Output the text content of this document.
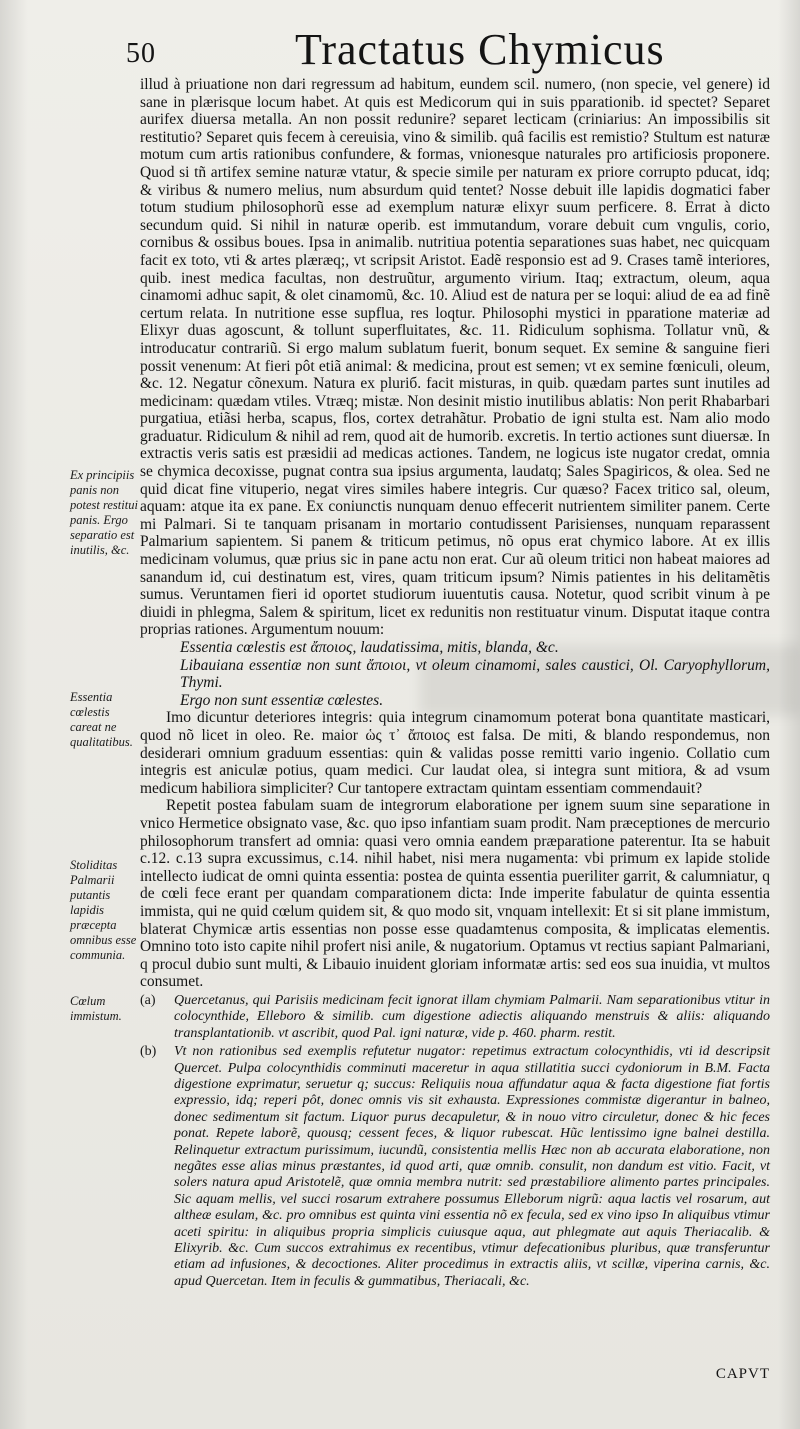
50	Tractatus Chymicus
Ex principiis panis non potest restitui panis. Ergo separatio est inutilis, &c.
Essentia cœlestis careat ne qualitatibus.
Stoliditas Palmarii putantis lapidis præcepta omnibus esse communia.
Cœlum immistum.

illud à priuatione non dari regressum ad habitum, eundem scil. numero, (non specie, vel genere) id sane in plærisque locum habet. At quis est Medicorum qui in suis pparationib. id spectet? Separet aurifex diuersa metalla. An non possit redunire? separet lecticam (criniarius: An impossibilis sit restitutio? Separet quis fecem à cereuisia, vino & similib. quâ facilis est remistio? Stultum est naturæ motum cum artis rationibus confundere, & formas, vnionesque naturales pro artificiosis proponere. Quod si tñ artifex semine naturæ vtatur, & specie simile per naturam ex priore corrupto pducat, idq; & viribus & numero melius, num absurdum quid tentet? Nosse debuit ille lapidis dogmatici faber totum studium philosophorũ esse ad exemplum naturæ elixyr suum perficere. 8. Errat à dicto secundum quid. Si nihil in naturæ operib. est immutandum, vorare debuit cum vngulis, corio, cornibus & ossibus boues. Ipsa in animalib. nutritiua potentia separationes suas habet, nec quicquam facit ex toto, vti & artes plæræq;, vt scripsit Aristot. Eadẽ responsio est ad 9. Crases tamẽ interiores, quib. inest medica facultas, non destruũtur, argumento virium. Itaq; extractum, oleum, aqua cinamomi adhuc sapit, & olet cinamomũ, &c. 10. Aliud est de natura per se loqui: aliud de ea ad finẽ certum relata. In nutritione esse supflua, res loqtur. Philosophi mystici in pparatione materiæ ad Elixyr duas agoscunt, & tollunt superfluitates, &c. 11. Ridiculum sophisma. Tollatur vnũ, & introducatur contrariũ. Si ergo malum sublatum fuerit, bonum sequet. Ex semine & sanguine fieri possit venenum: At fieri pôt etiã animal: & medicina, prout est semen; vt ex semine fœniculi, oleum, &c. 12. Negatur cõnexum. Natura ex pluriб. facit misturas, in quib. quædam partes sunt inutiles ad medicinam: quædam vtiles. Vtræq; mistæ. Non desinit mistio inutilibus ablatis: Non perit Rhabarbari purgatiua, etiãsi herba, scapus, flos, cortex detrahãtur. Probatio de igni stulta est. Nam alio modo graduatur. Ridiculum & nihil ad rem, quod ait de humorib. excretis. In tertio actiones sunt diuersæ. In extractis veris satis est præsidii ad medicas actiones. Tandem, ne logicus iste nugator credat, omnia se chymica decoxisse, pugnat contra sua ipsius argumenta, laudatq; Sales Spagiricos, & olea. Sed ne quid dicat fine vituperio, negat vires similes habere integris. Cur quæso? Facex tritico sal, oleum, aquam: atque ita ex pane. Ex coniunctis nunquam denuo effecerit nutrientem similiter panem. Certe mi Palmari. Si te tanquam prisanam in mortario contudissent Parisienses, nunquam reparassent Palmarium sapientem. Si panem & triticum petimus, nõ opus erat chymico labore. At ex illis medicinam volumus, quæ prius sic in pane actu non erat. Cur aũ oleum tritici non habeat maiores ad sanandum id, cui destinatum est, vires, quam triticum ipsum? Nimis patientes in his delitamẽtis sumus. Veruntamen fieri id oportet studiorum iuuentutis causa. Notetur, quod scribit vinum à pe diuidi in phlegma, Salem & spiritum, licet ex redunitis non restituatur vinum. Disputat itaque contra proprias rationes. Argumentum nouum:

Essentia cœlestis est ἄποιος, laudatissima, mitis, blanda, &c.

Libauiana essentiæ non sunt ἄποιοι, vt oleum cinamomi, sales caustici, Ol. Caryophyllorum, Thymi.

Ergo non sunt essentiæ cœlestes.

Imo dicuntur deteriores integris: quia integrum cinamomum poterat bona quantitate masticari, quod nõ licet in oleo. Re. maior ὡς τ᾽ ἄποιος est falsa. De miti, & blando respondemus, non desiderari omnium graduum essentias: quin & validas posse remitti vario ingenio. Collatio cum integris est aniculæ potius, quam medici. Cur laudat olea, si integra sunt mitiora, & ad vsum medicum habiliora simpliciter? Cur tantopere extractam quintam essentiam commendauit?

Repetit postea fabulam suam de integrorum elaboratione per ignem suum sine separatione in vnico Hermetice obsignato vase, &c. quo ipso infantiam suam prodit. Nam præceptiones de mercurio philosophorum transfert ad omnia: quasi vero omnia eandem præparatione paterentur. Ita se habuit c.12. c.13 supra excussimus, c.14. nihil habet, nisi mera nugamenta: vbi primum ex lapide stolide intellecto iudicat de omni quinta essentia: postea de quinta essentia pueriliter garrit, & calumniatur, q de cœli fece erant per quandam comparationem dicta: Inde imperite fabulatur de quinta essentia immista, qui ne quid cœlum quidem sit, & quo modo sit, vnquam intellexit: Et si sit plane immistum, blaterat Chymicæ artis essentias non posse esse quadamtenus composita, & implicatas elementis. Omnino toto isto capite nihil profert nisi anile, & nugatorium. Optamus vt rectius sapiant Palmariani, q procul dubio sunt multi, & Libauio inuident gloriam informatæ artis: sed eos sua inuidia, vt multos consumet.

(a) Quercetanus, qui Parisiis medicinam fecit ignorat illam chymiam Palmarii. Nam separationibus vtitur in colocynthide, Elleboro & similib. cum digestione adiectis aliquando menstruis & aliis: aliquando transplantationib. vt ascribit, quod Pal. igni naturæ, vide p. 460. pharm. restit.

(b) Vt non rationibus sed exemplis refutetur nugator: repetimus extractum colocynthidis, vti id descripsit Quercet. Pulpa colocynthidis comminuti maceretur in aqua stillatitia succi cydoniorum in B.M. Facta digestione exprimatur, seruetur q; succus: Reliquiis noua affundatur aqua & facta digestione fiat fortis expressio, idq; reperi pôt, donec omnis vis sit exhausta. Expressiones commistæ digerantur in balneo, donec sedimentum sit factum. Liquor purus decapuletur, & in nouo vitro circuletur, donec & hic feces ponat. Repete laborẽ, quousq; cessent feces, & liquor rubescat. Hũc lentissimo igne balnei destilla. Relinquetur extractum purissimum, iucundũ, consistentia mellis Hæc non ab accurata elaboratione, non negãtes esse alias minus præstantes, id quod arti, quæ omnib. consulit, non dandum est vitio. Facit, vt solers natura apud Aristotelẽ, quæ omnia membra nutrit: sed præstabiliore alimento partes principales. Sic aquam mellis, vel succi rosarum extrahere possumus Elleborum nigrũ: aqua lactis vel rosarum, aut altheæ esulam, &c. pro omnibus est quinta vini essentia nõ ex fecula, sed ex vino ipso In aliquibus vtimur aceti spiritu: in aliquibus propria simplicis cuiusque aqua, aut phlegmate aut aquis Theriacalib. & Elixyrib. &c. Cum succos extrahimus ex recentibus, vtimur defecationibus pluribus, quæ transferuntur etiam ad infusiones, & decoctiones. Aliter procedimus in extractis aliis, vt scillæ, viperina carnis, &c. apud Quercetan. Item in feculis & gummatibus, Theriacali, &c.

CAPVT
